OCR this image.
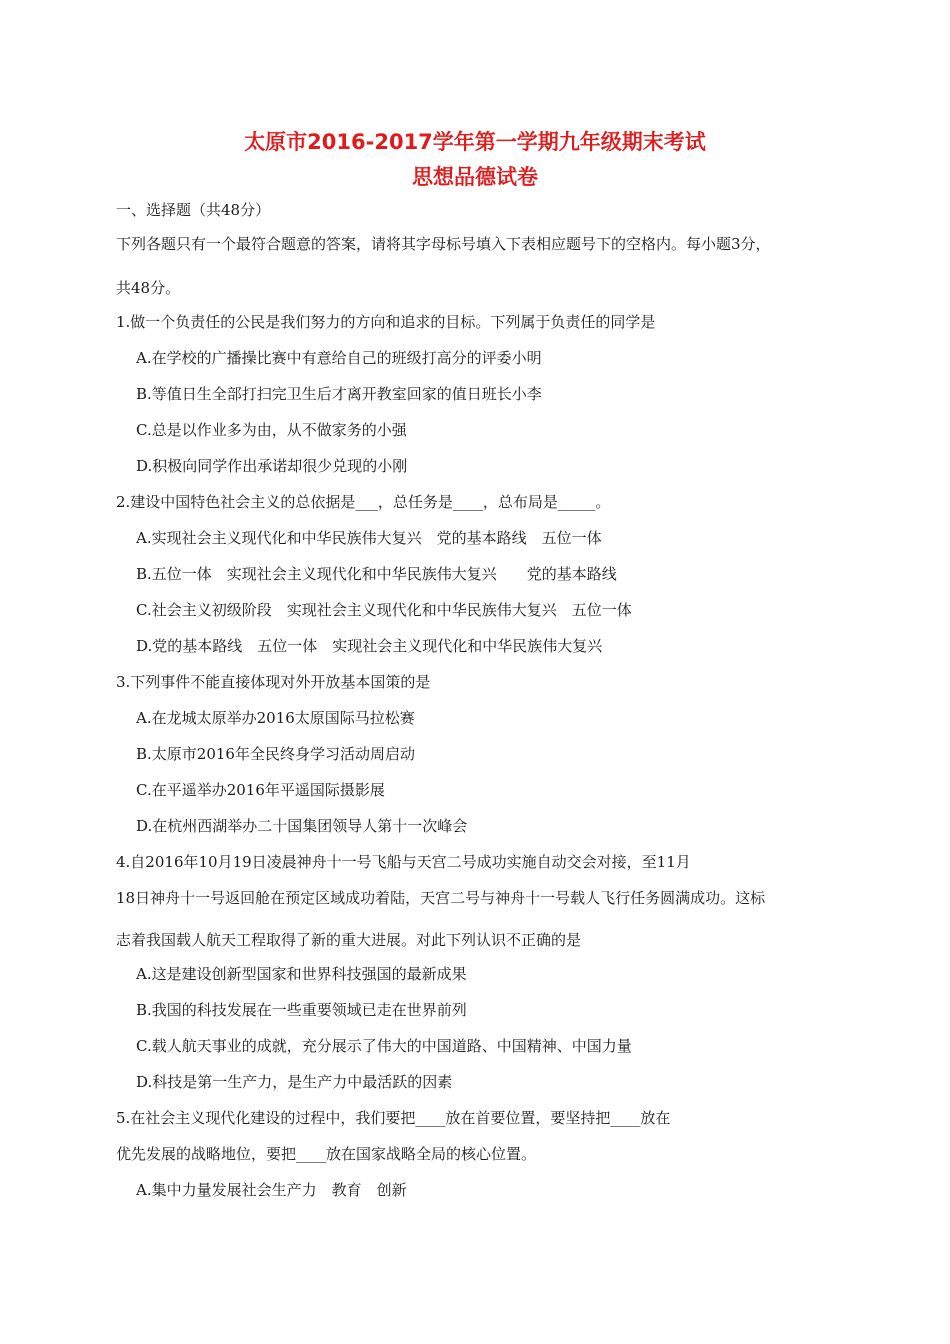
太原市2016-2017学年第一学期九年级期末考试
思想品德试卷
一、选择题（共48分）
下列各题只有一个最符合题意的答案，请将其字母标号填入下表相应题号下的空格内。每小题3分，
共48分。
1.做一个负责任的公民是我们努力的方向和追求的目标。下列属于负责任的同学是
A.在学校的广播操比赛中有意给自己的班级打高分的评委小明
B.等值日生全部打扫完卫生后才离开教室回家的值日班长小李
C.总是以作业多为由，从不做家务的小强
D.积极向同学作出承诺却很少兑现的小刚
2.建设中国特色社会主义的总依据是___，总任务是____，总布局是_____。
A.实现社会主义现代化和中华民族伟大复兴　党的基本路线　五位一体
B.五位一体　实现社会主义现代化和中华民族伟大复兴　　党的基本路线
C.社会主义初级阶段　实现社会主义现代化和中华民族伟大复兴　五位一体
D.党的基本路线　五位一体　实现社会主义现代化和中华民族伟大复兴
3.下列事件不能直接体现对外开放基本国策的是
A.在龙城太原举办2016太原国际马拉松赛
B.太原市2016年全民终身学习活动周启动
C.在平遥举办2016年平遥国际摄影展
D.在杭州西湖举办二十国集团领导人第十一次峰会
4.自2016年10月19日凌晨神舟十一号飞船与天宫二号成功实施自动交会对接，至11月
18日神舟十一号返回舱在预定区域成功着陆，天宫二号与神舟十一号载人飞行任务圆满成功。这标
志着我国载人航天工程取得了新的重大进展。对此下列认识不正确的是
A.这是建设创新型国家和世界科技强国的最新成果
B.我国的科技发展在一些重要领域已走在世界前列
C.载人航天事业的成就，充分展示了伟大的中国道路、中国精神、中国力量
D.科技是第一生产力，是生产力中最活跃的因素
5.在社会主义现代化建设的过程中，我们要把____放在首要位置，要坚持把____放在
优先发展的战略地位，要把____放在国家战略全局的核心位置。
A.集中力量发展社会生产力　教育　创新
